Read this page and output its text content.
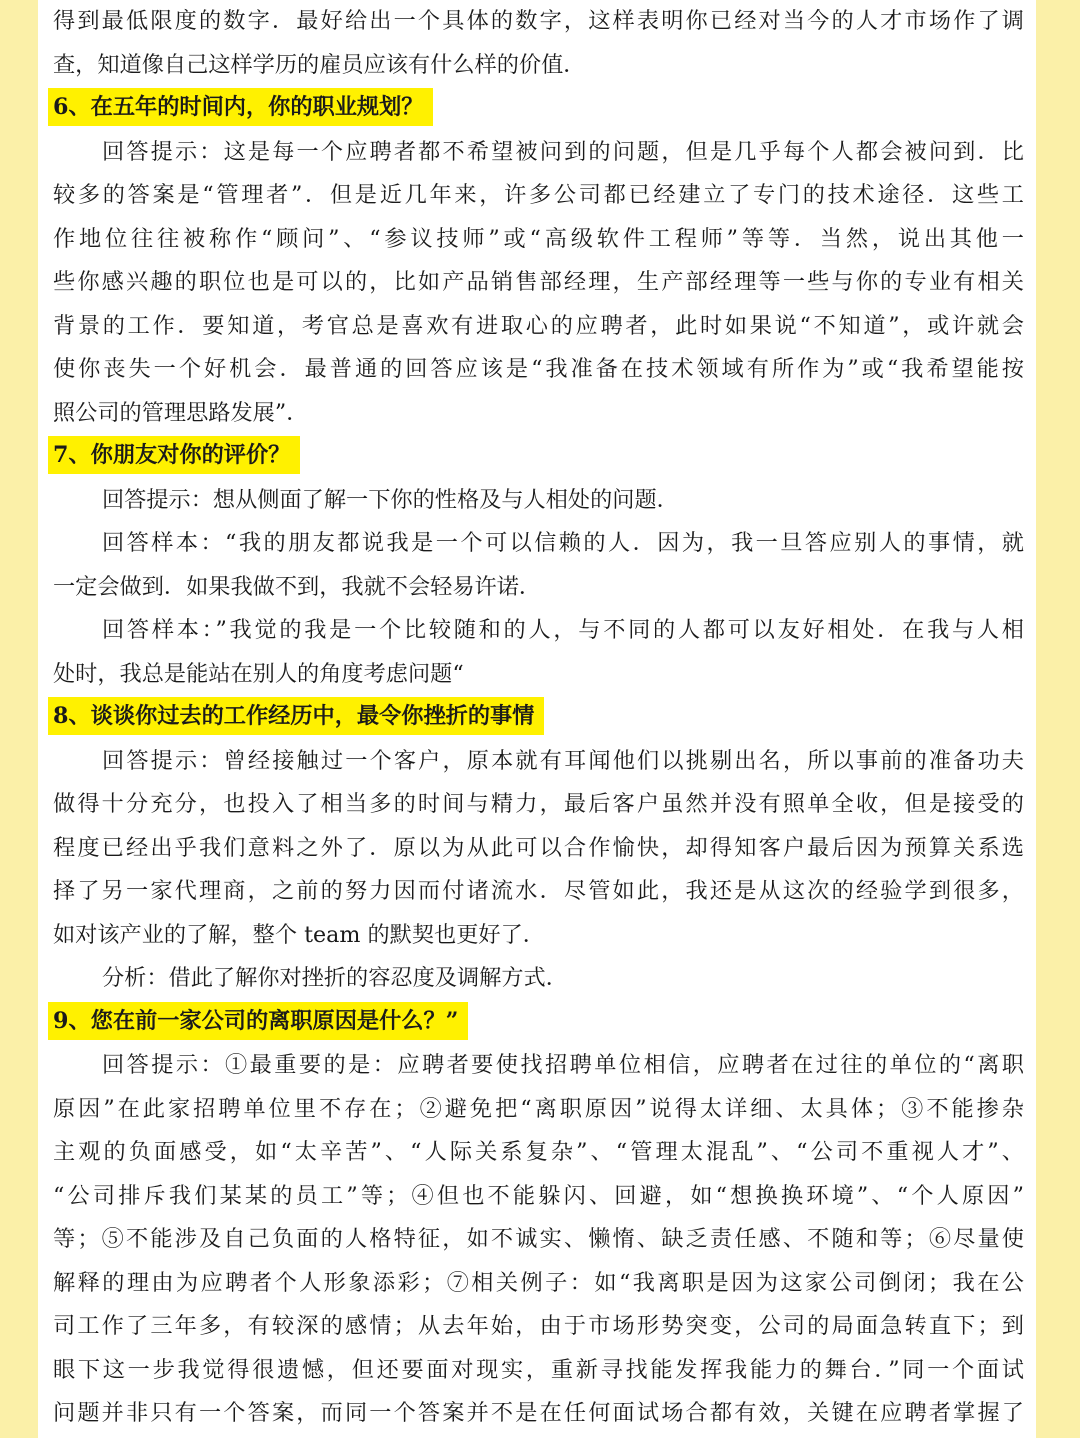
得到最低限度的数字．最好给出一个具体的数字，这样表明你已经对当今的人才市场作了调
查，知道像自己这样学历的雇员应该有什么样的价值．
6、在五年的时间内，你的职业规划？
回答提示：这是每一个应聘者都不希望被问到的问题，但是几乎每个人都会被问到．比
较多的答案是“管理者”．但是近几年来，许多公司都已经建立了专门的技术途径．这些工
作地位往往被称作“顾问”、“参议技师”或“高级软件工程师”等等．当然，说出其他一
些你感兴趣的职位也是可以的，比如产品销售部经理，生产部经理等一些与你的专业有相关
背景的工作．要知道，考官总是喜欢有进取心的应聘者，此时如果说“不知道”，或许就会
使你丧失一个好机会．最普通的回答应该是“我准备在技术领域有所作为”或“我希望能按
照公司的管理思路发展”．
7、你朋友对你的评价？
回答提示：想从侧面了解一下你的性格及与人相处的问题．
回答样本：“我的朋友都说我是一个可以信赖的人．因为，我一旦答应别人的事情，就
一定会做到．如果我做不到，我就不会轻易许诺．
回答样本：”我觉的我是一个比较随和的人，与不同的人都可以友好相处．在我与人相
处时，我总是能站在别人的角度考虑问题“
8、谈谈你过去的工作经历中，最令你挫折的事情
回答提示：曾经接触过一个客户，原本就有耳闻他们以挑剔出名，所以事前的准备功夫
做得十分充分，也投入了相当多的时间与精力，最后客户虽然并没有照单全收，但是接受的
程度已经出乎我们意料之外了．原以为从此可以合作愉快，却得知客户最后因为预算关系选
择了另一家代理商，之前的努力因而付诸流水．尽管如此，我还是从这次的经验学到很多，
如对该产业的了解，整个 team 的默契也更好了．
分析：借此了解你对挫折的容忍度及调解方式．
9、您在前一家公司的离职原因是什么？”
回答提示：①最重要的是：应聘者要使找招聘单位相信，应聘者在过往的单位的“离职
原因”在此家招聘单位里不存在；②避免把“离职原因”说得太详细、太具体；③不能掺杂
主观的负面感受，如“太辛苦”、“人际关系复杂”、“管理太混乱”、“公司不重视人才”、
“公司排斥我们某某的员工”等；④但也不能躲闪、回避，如“想换换环境”、“个人原因”
等；⑤不能涉及自己负面的人格特征，如不诚实、懒惰、缺乏责任感、不随和等；⑥尽量使
解释的理由为应聘者个人形象添彩；⑦相关例子：如“我离职是因为这家公司倒闭；我在公
司工作了三年多，有较深的感情；从去年始，由于市场形势突变，公司的局面急转直下；到
眼下这一步我觉得很遗憾，但还要面对现实，重新寻找能发挥我能力的舞台．”同一个面试
问题并非只有一个答案，而同一个答案并不是在任何面试场合都有效，关键在应聘者掌握了
